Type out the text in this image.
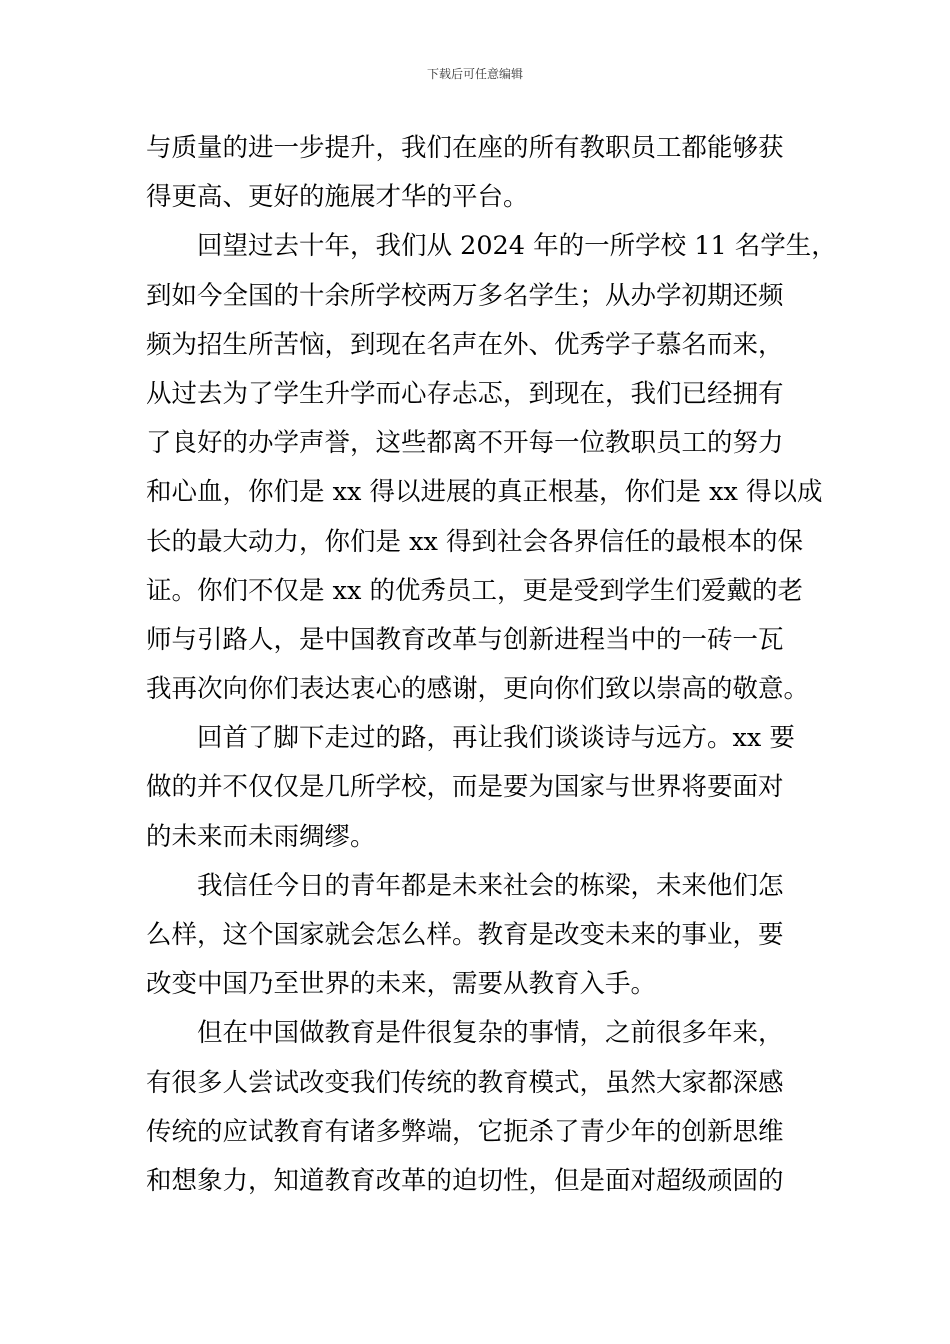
下载后可任意编辑
与质量的进一步提升，我们在座的所有教职员工都能够获
得更高、更好的施展才华的平台。
回望过去十年，我们从 2024 年的一所学校 11 名学生，
到如今全国的十余所学校两万多名学生；从办学初期还频
频为招生所苦恼，到现在名声在外、优秀学子慕名而来，
从过去为了学生升学而心存忐忑，到现在，我们已经拥有
了良好的办学声誉，这些都离不开每一位教职员工的努力
和心血，你们是 xx 得以进展的真正根基，你们是 xx 得以成
长的最大动力，你们是 xx 得到社会各界信任的最根本的保
证。你们不仅是 xx 的优秀员工，更是受到学生们爱戴的老
师与引路人，是中国教育改革与创新进程当中的一砖一瓦
我再次向你们表达衷心的感谢，更向你们致以崇高的敬意。
回首了脚下走过的路，再让我们谈谈诗与远方。xx 要
做的并不仅仅是几所学校，而是要为国家与世界将要面对
的未来而未雨绸缪。
我信任今日的青年都是未来社会的栋梁，未来他们怎
么样，这个国家就会怎么样。教育是改变未来的事业，要
改变中国乃至世界的未来，需要从教育入手。
但在中国做教育是件很复杂的事情，之前很多年来，
有很多人尝试改变我们传统的教育模式，虽然大家都深感
传统的应试教育有诸多弊端，它扼杀了青少年的创新思维
和想象力，知道教育改革的迫切性，但是面对超级顽固的
